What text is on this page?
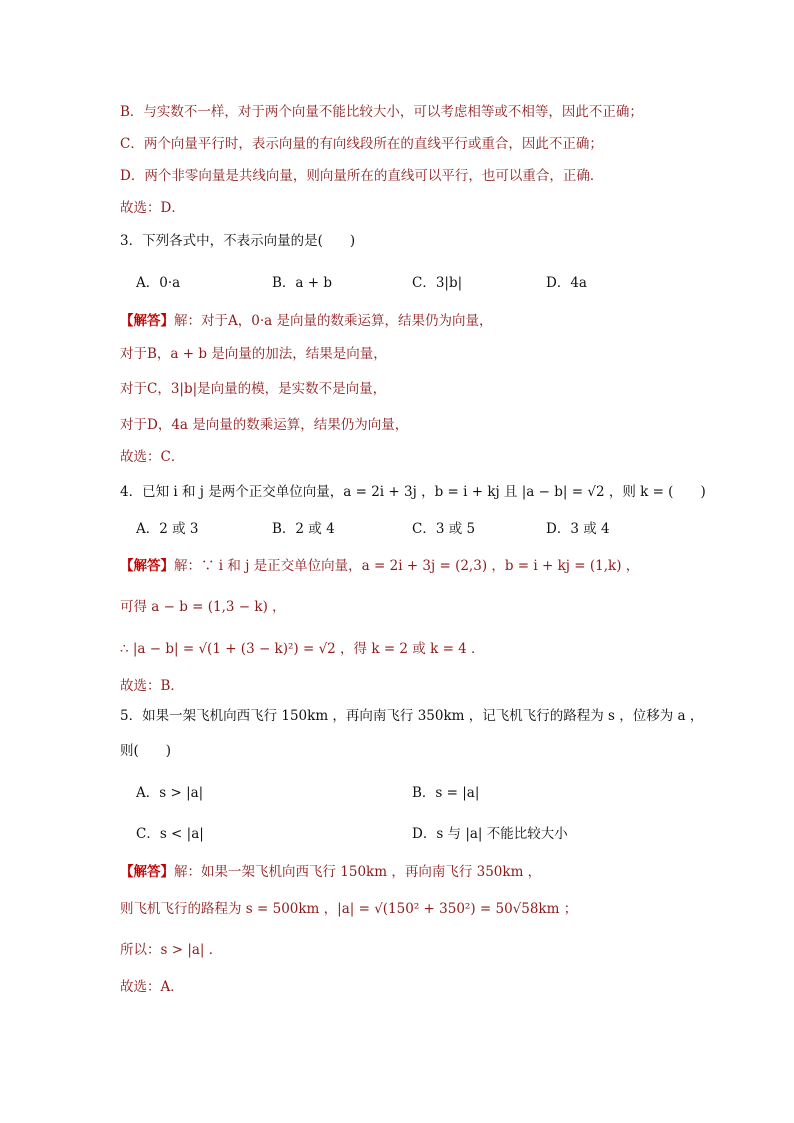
B．与实数不一样，对于两个向量不能比较大小，可以考虑相等或不相等，因此不正确；
C．两个向量平行时，表示向量的有向线段所在的直线平行或重合，因此不正确；
D．两个非零向量是共线向量，则向量所在的直线可以平行，也可以重合，正确．
故选：D．
3．下列各式中，不表示向量的是(　　)
A．0·a	B．a + b	C．3|b|	D．4a
【解答】解：对于A，0·a 是向量的数乘运算，结果仍为向量，
对于B，a + b 是向量的加法，结果是向量，
对于C，3|b|是向量的模，是实数不是向量，
对于D，4a 是向量的数乘运算，结果仍为向量，
故选：C．
4．已知 i 和 j 是两个正交单位向量，a = 2i + 3j ，b = i + kj 且 |a − b| = √2 ，则 k = (　　)
A．2 或 3	B．2 或 4	C．3 或 5	D．3 或 4
【解答】解：∵ i 和 j 是正交单位向量，a = 2i + 3j = (2,3) ，b = i + kj = (1,k) ，
可得 a − b = (1,3 − k) ，
∴ |a − b| = √(1 + (3 − k)²) = √2 ，得 k = 2 或 k = 4 ．
故选：B．
5．如果一架飞机向西飞行 150km ，再向南飞行 350km ，记飞机飞行的路程为 s ，位移为 a ，
则(　　)
A．s > |a|	B．s = |a|
C．s < |a|	D．s 与 |a| 不能比较大小
【解答】解：如果一架飞机向西飞行 150km ，再向南飞行 350km ，
则飞机飞行的路程为 s = 500km ，|a| = √(150² + 350²) = 50√58km ；
所以：s > |a| ．
故选：A．
